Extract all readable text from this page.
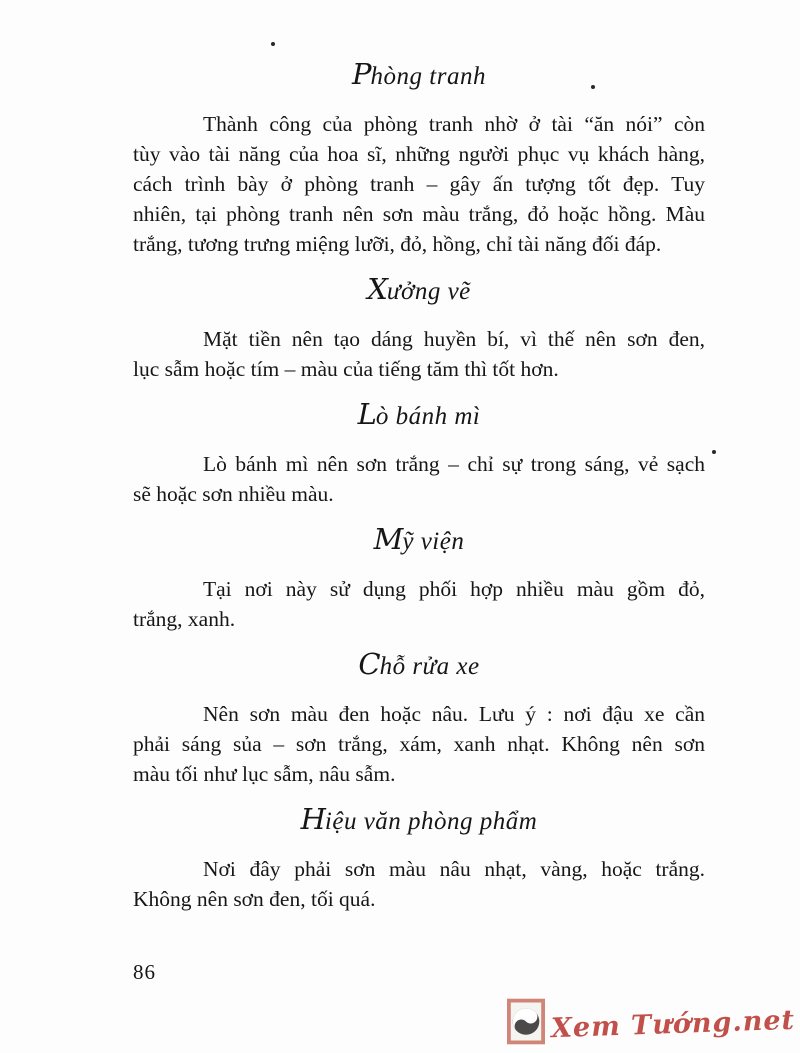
Phòng tranh
Thành công của phòng tranh nhờ ở tài “ăn nói” còn
tùy vào tài năng của hoa sĩ, những người phục vụ khách hàng,
cách trình bày ở phòng tranh – gây ấn tượng tốt đẹp. Tuy
nhiên, tại phòng tranh nên sơn màu trắng, đỏ hoặc hồng. Màu
trắng, tương trưng miệng lưỡi, đỏ, hồng, chỉ tài năng đối đáp.
Xưởng vẽ
Mặt tiền nên tạo dáng huyền bí, vì thế nên sơn đen,
lục sẫm hoặc tím – màu của tiếng tăm thì tốt hơn.
Lò bánh mì
Lò bánh mì nên sơn trắng – chỉ sự trong sáng, vẻ sạch
sẽ hoặc sơn nhiều màu.
Mỹ viện
Tại nơi này sử dụng phối hợp nhiều màu gồm đỏ,
trắng, xanh.
Chỗ rửa xe
Nên sơn màu đen hoặc nâu. Lưu ý : nơi đậu xe cần
phải sáng sủa – sơn trắng, xám, xanh nhạt. Không nên sơn
màu tối như lục sẫm, nâu sẫm.
Hiệu văn phòng phẩm
Nơi đây phải sơn màu nâu nhạt, vàng, hoặc trắng.
Không nên sơn đen, tối quá.
86
Xem Tướng.net
